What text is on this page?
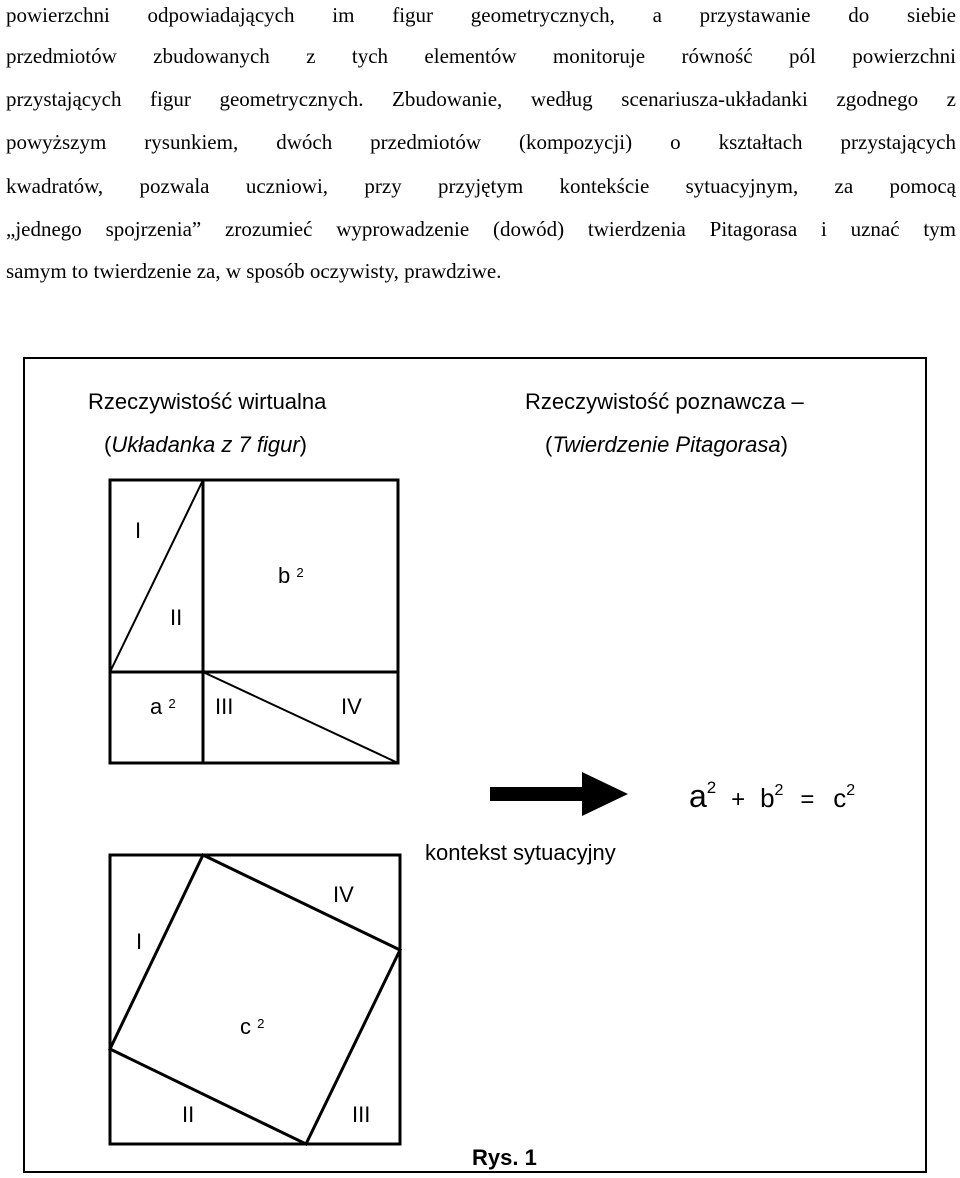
powierzchni odpowiadających im figur geometrycznych, a przystawanie do siebie
przedmiotów zbudowanych z tych elementów monitoruje równość pól powierzchni
przystających figur geometrycznych. Zbudowanie, według scenariusza-układanki zgodnego z
powyższym rysunkiem, dwóch przedmiotów (kompozycji) o kształtach przystających
kwadratów, pozwala uczniowi, przy przyjętym kontekście sytuacyjnym, za pomocą
„jednego spojrzenia” zrozumieć wyprowadzenie (dowód) twierdzenia Pitagorasa i uznać tym
samym to twierdzenie za, w sposób oczywisty, prawdziwe.
Rzeczywistość wirtualna
(Układanka z 7 figur)
Rzeczywistość poznawcza –
(Twierdzenie Pitagorasa)
I
II
b $^2$
a $^2$ III	IV
I
IV
c $^2$
II	III
$a^2 + b^2 = c^2$
kontekst sytuacyjny
Rys. 1
